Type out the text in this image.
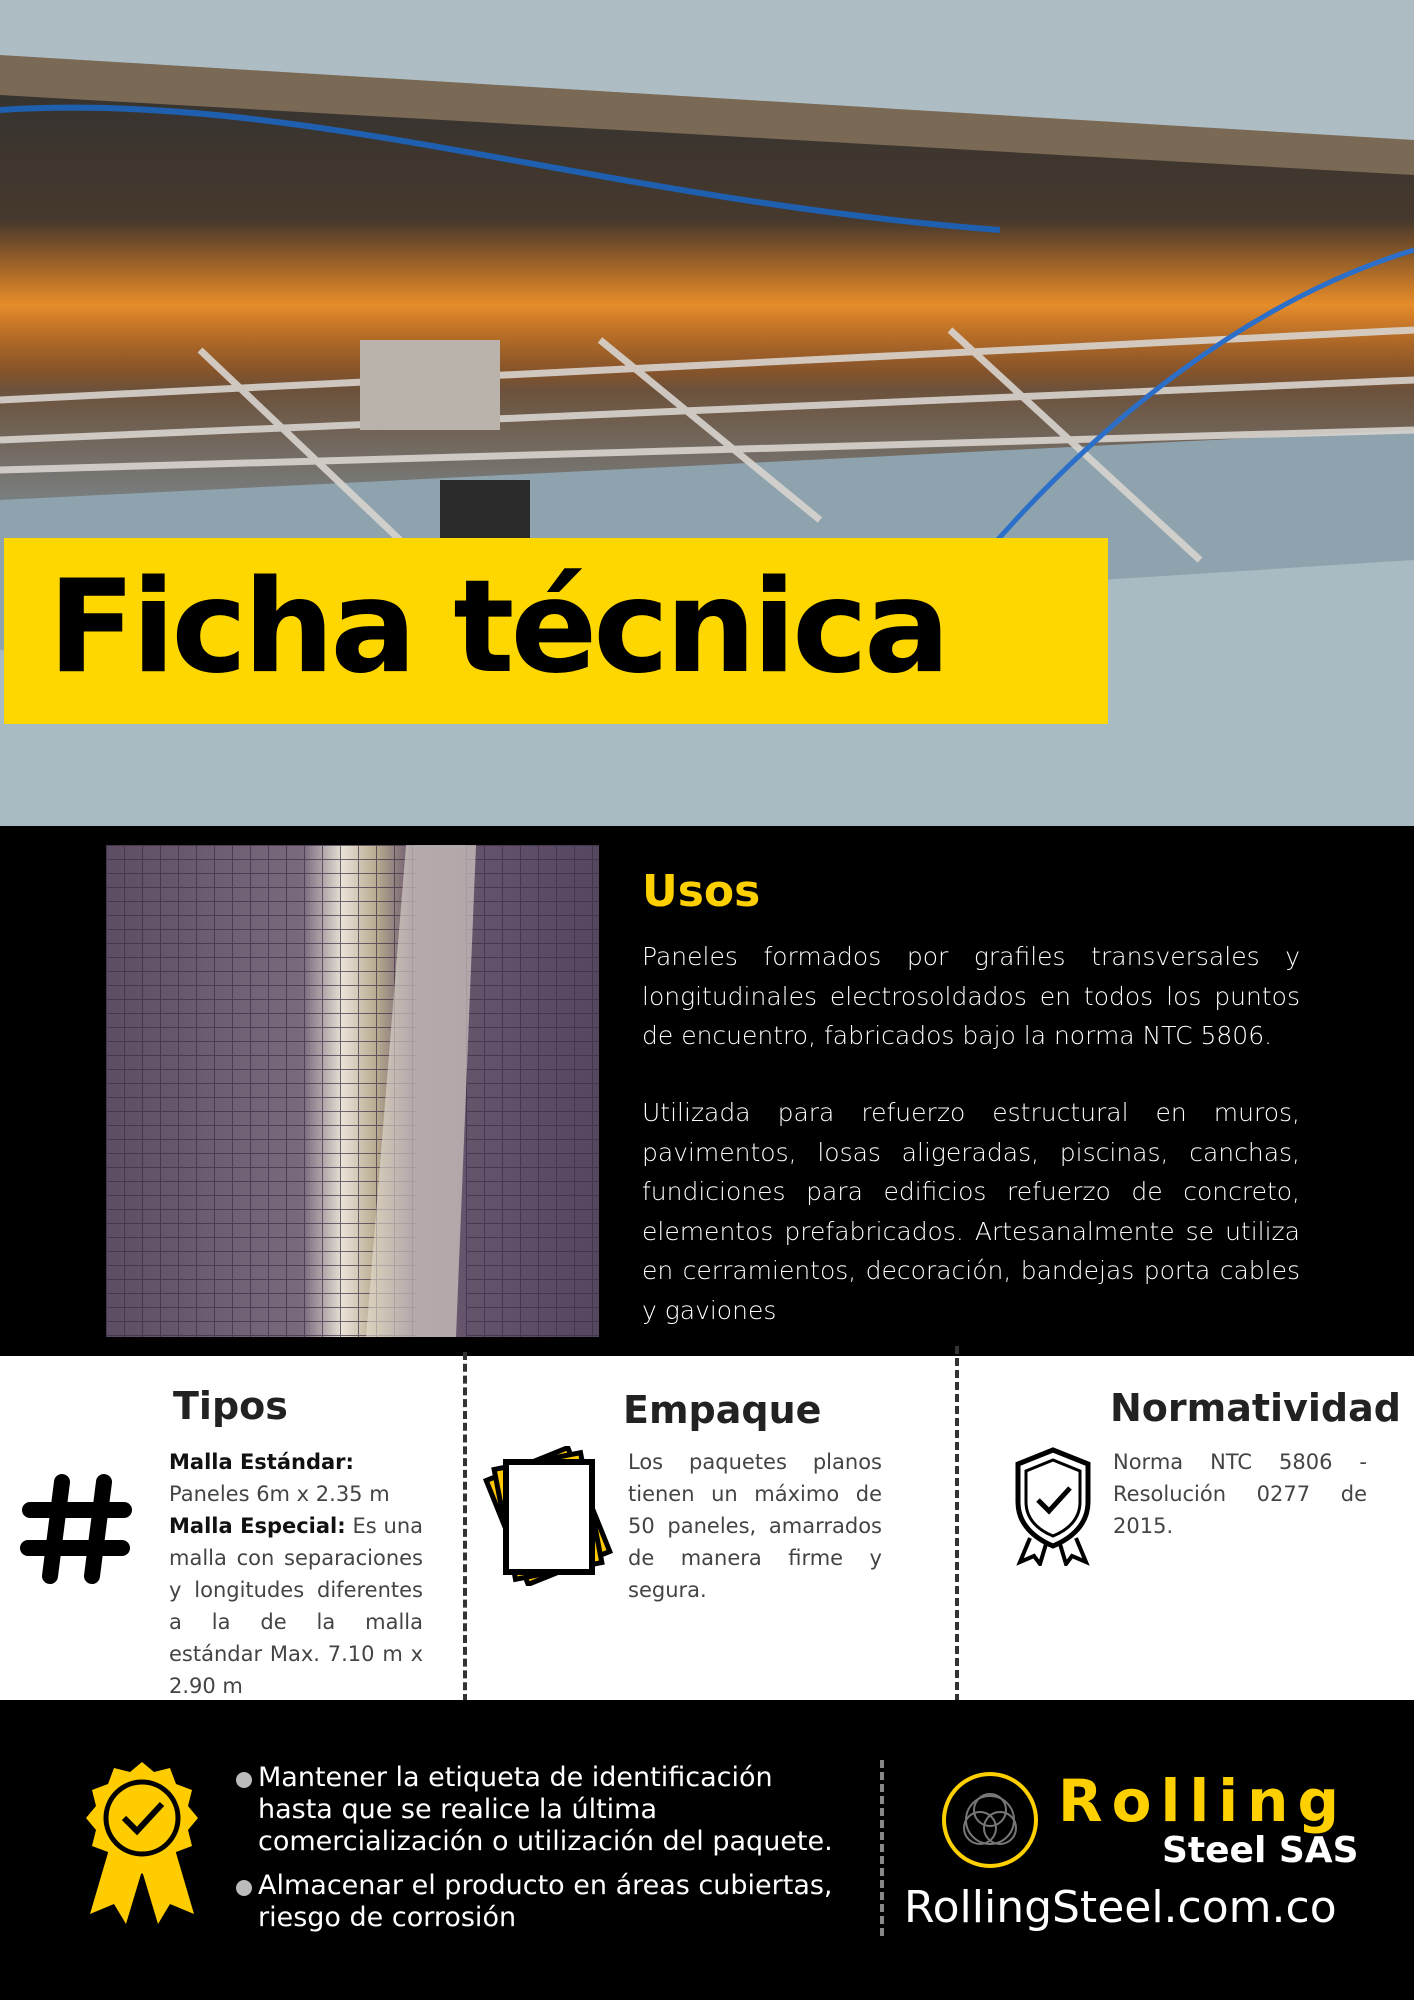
Ficha técnica
Usos

Paneles formados por grafiles transversales y longitudinales electrosoldados en todos los puntos de encuentro, fabricados bajo la norma NTC 5806.

Utilizada para refuerzo estructural en muros, pavimentos, losas aligeradas, piscinas, canchas, fundiciones para edificios refuerzo de concreto, elementos prefabricados. Artesanalmente se utiliza en cerramientos, decoración, bandejas porta cables y gaviones

Tipos
Malla Estándar:
Paneles 6m x 2.35 m
Malla Especial: Es una malla con separaciones y longitudes diferentes a la de la malla estándar Max. 7.10 m x 2.90 m
Empaque

Los paquetes planos tienen un máximo de 50 paneles, amarrados de manera firme y segura.

Normatividad

Norma NTC 5806 - Resolución 0277 de 2015.

Mantener la etiqueta de identificación hasta que se realice la última comercialización o utilización del paquete.
Almacenar el producto en áreas cubiertas, riesgo de corrosión
Rolling
Steel SAS
RollingSteel.com.co
